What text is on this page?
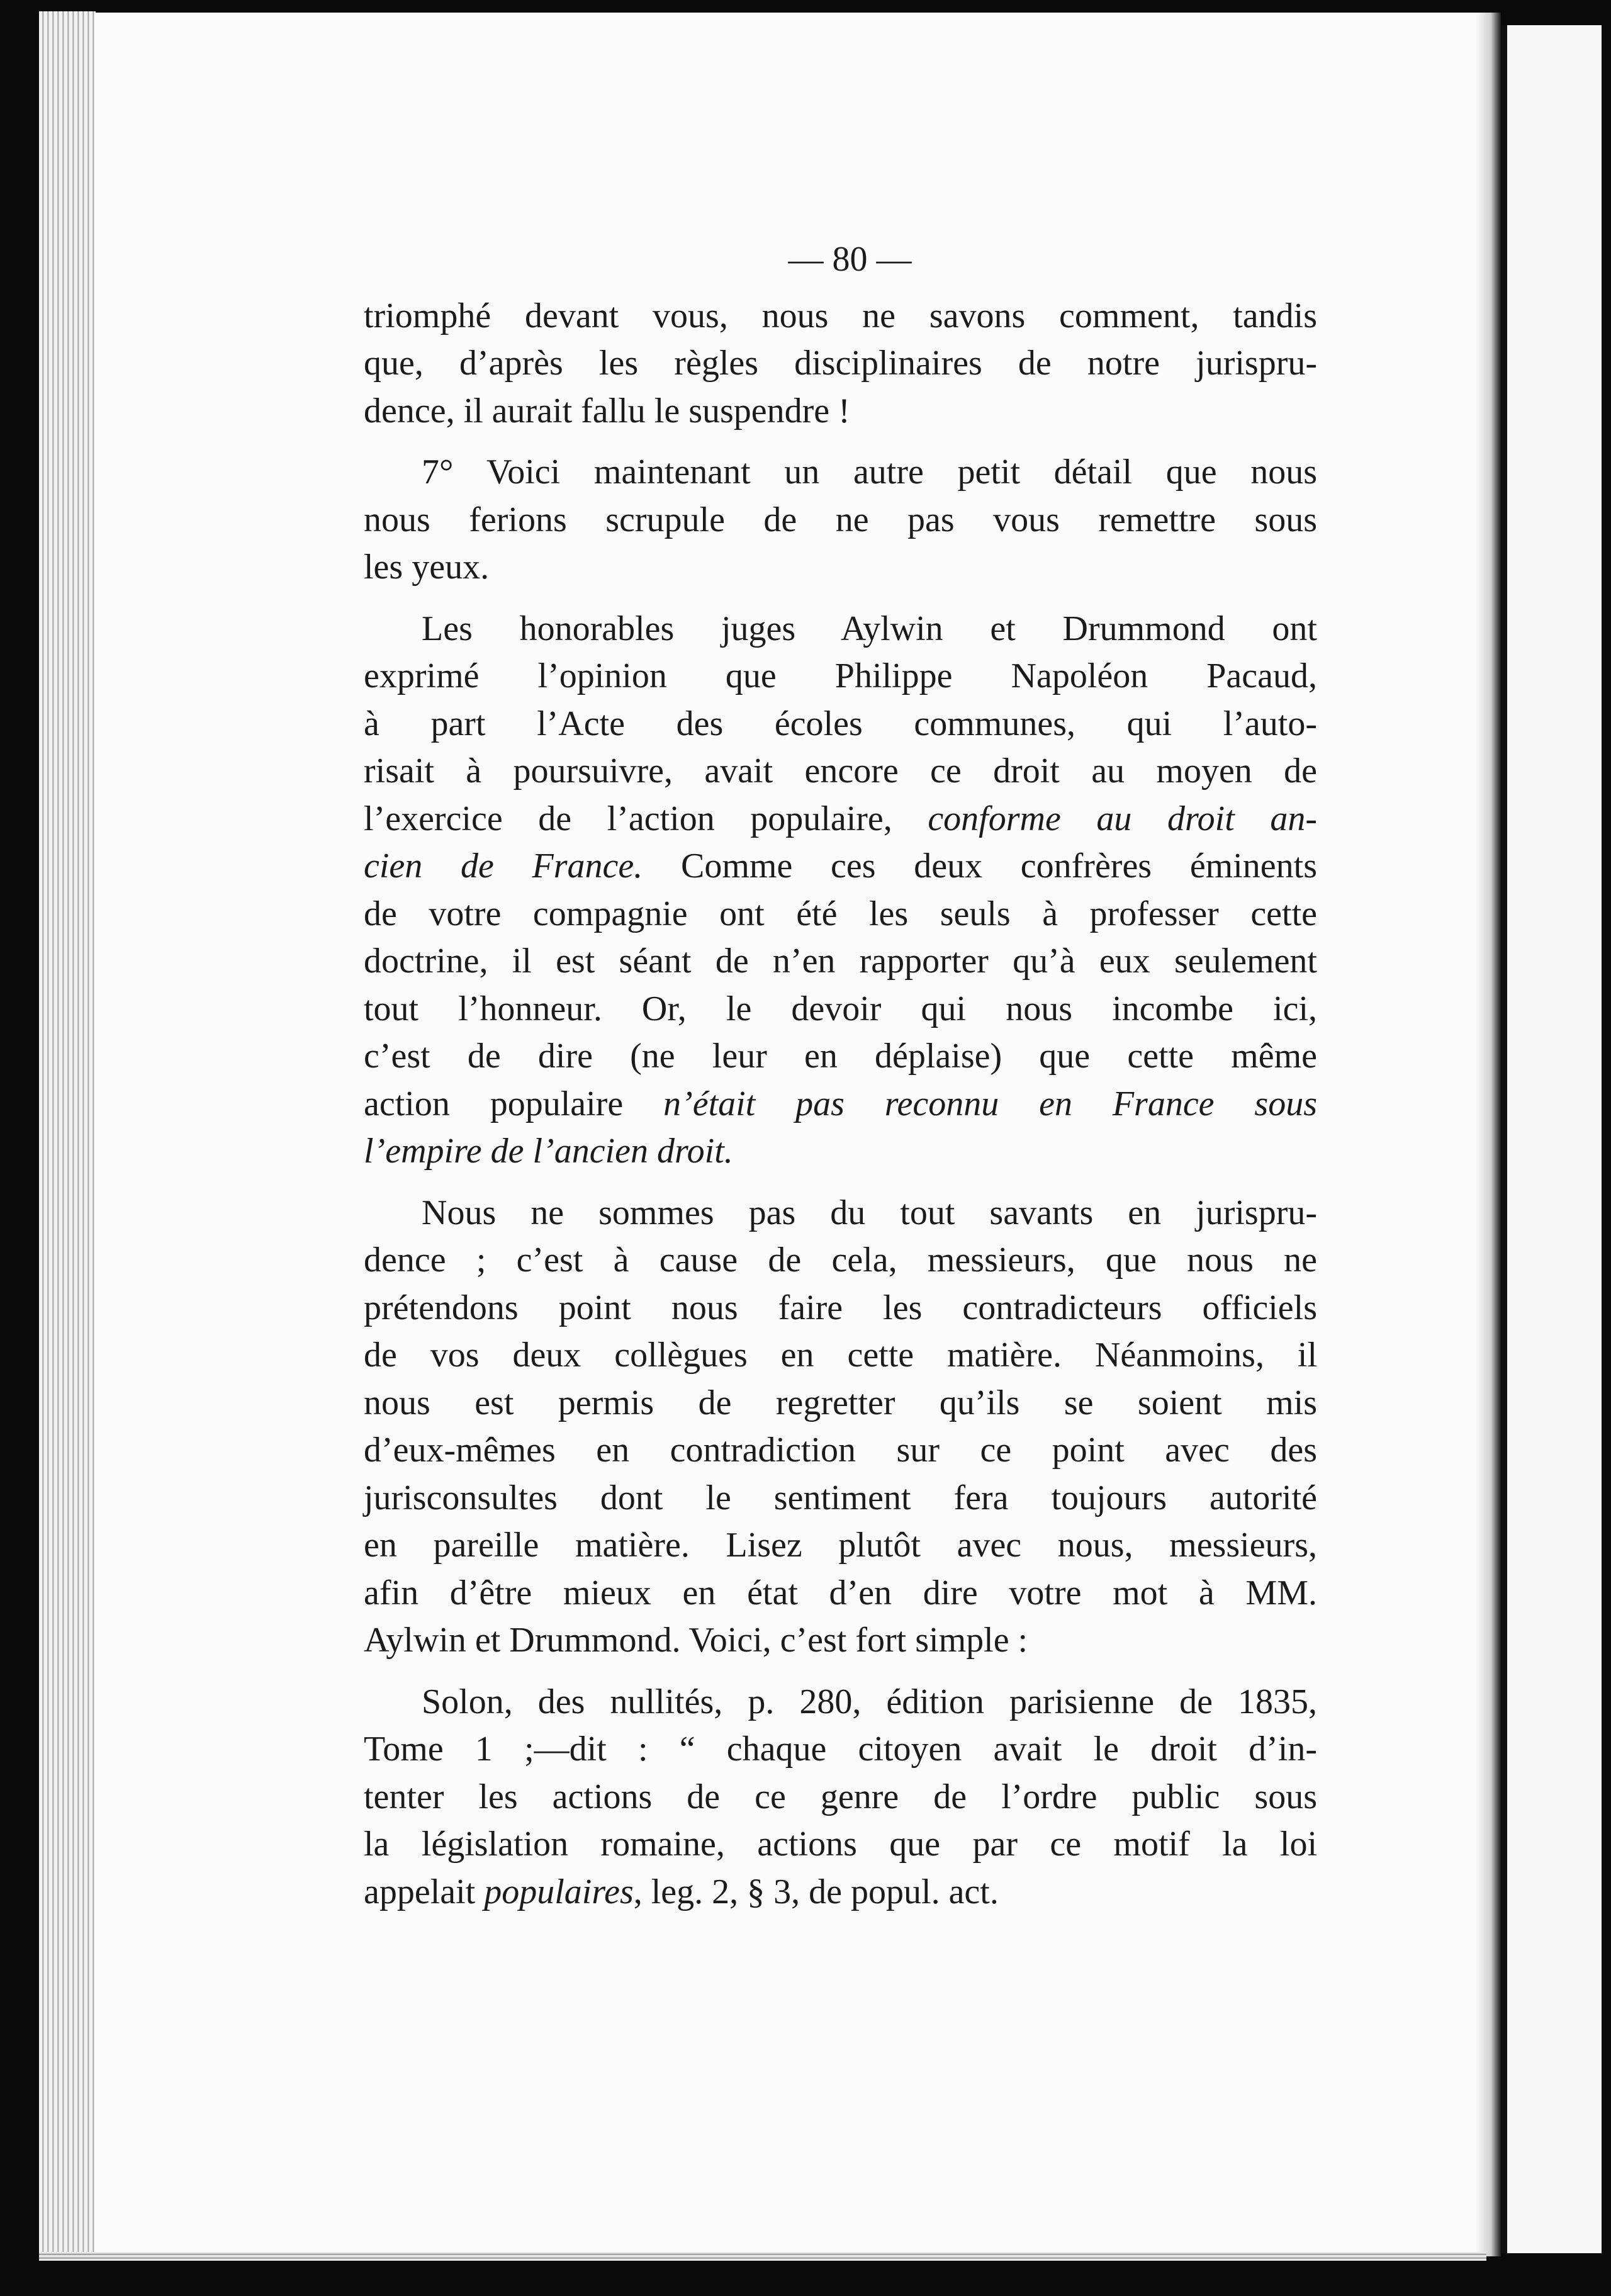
— 80 —

triomphé devant vous, nous ne savons comment, tandis
que, d’après les règles disciplinaires de notre jurispru-
dence, il aurait fallu le suspendre !

7° Voici maintenant un autre petit détail que nous
nous ferions scrupule de ne pas vous remettre sous
les yeux.

Les honorables juges Aylwin et Drummond ont
exprimé l’opinion que Philippe Napoléon Pacaud,
à part l’Acte des écoles communes, qui l’auto-
risait à poursuivre, avait encore ce droit au moyen de
l’exercice de l’action populaire, conforme au droit an-
cien de France. Comme ces deux confrères éminents
de votre compagnie ont été les seuls à professer cette
doctrine, il est séant de n’en rapporter qu’à eux seulement
tout l’honneur. Or, le devoir qui nous incombe ici,
c’est de dire (ne leur en déplaise) que cette même
action populaire n’était pas reconnu en France sous
l’empire de l’ancien droit.

Nous ne sommes pas du tout savants en jurispru-
dence ; c’est à cause de cela, messieurs, que nous ne
prétendons point nous faire les contradicteurs officiels
de vos deux collègues en cette matière. Néanmoins, il
nous est permis de regretter qu’ils se soient mis
d’eux-mêmes en contradiction sur ce point avec des
jurisconsultes dont le sentiment fera toujours autorité
en pareille matière. Lisez plutôt avec nous, messieurs,
afin d’être mieux en état d’en dire votre mot à MM.
Aylwin et Drummond. Voici, c’est fort simple :

Solon, des nullités, p. 280, édition parisienne de 1835,
Tome 1 ;—dit : “ chaque citoyen avait le droit d’in-
tenter les actions de ce genre de l’ordre public sous
la législation romaine, actions que par ce motif la loi
appelait populaires, leg. 2, § 3, de popul. act.
